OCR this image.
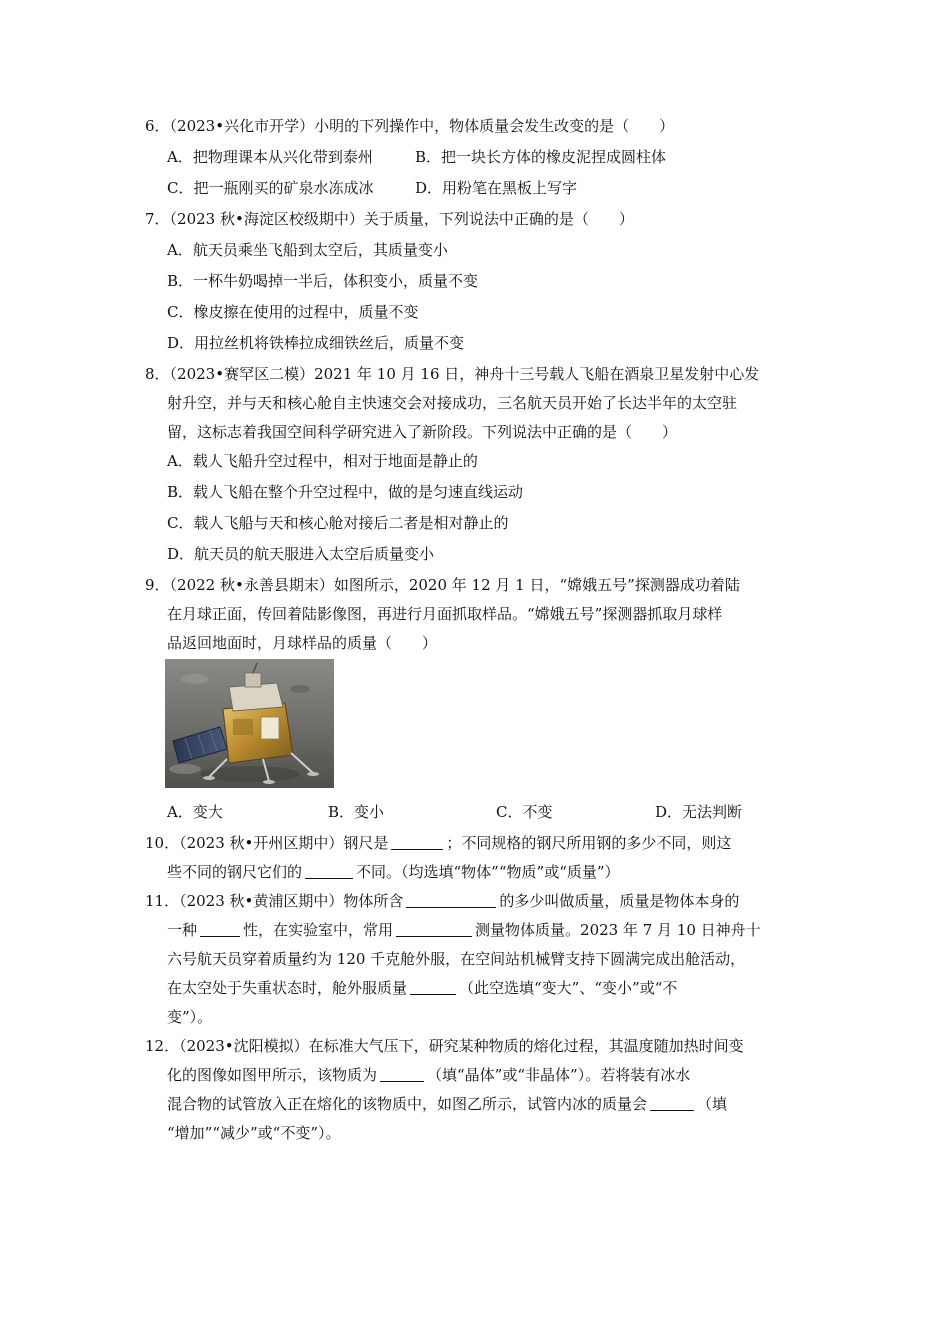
6．（2023•兴化市开学）小明的下列操作中，物体质量会发生改变的是（　　）
A．把物理课本从兴化带到泰州	B．把一块长方体的橡皮泥捏成圆柱体
C．把一瓶刚买的矿泉水冻成冰	D．用粉笔在黑板上写字
7．（2023 秋•海淀区校级期中）关于质量，下列说法中正确的是（　　）
A．航天员乘坐飞船到太空后，其质量变小
B．一杯牛奶喝掉一半后，体积变小，质量不变
C．橡皮擦在使用的过程中，质量不变
D．用拉丝机将铁棒拉成细铁丝后，质量不变
8．（2023•赛罕区二模）2021 年 10 月 16 日，神舟十三号载人飞船在酒泉卫星发射中心发
射升空，并与天和核心舱自主快速交会对接成功，三名航天员开始了长达半年的太空驻
留，这标志着我国空间科学研究进入了新阶段。下列说法中正确的是（　　）
A．载人飞船升空过程中，相对于地面是静止的
B．载人飞船在整个升空过程中，做的是匀速直线运动
C．载人飞船与天和核心舱对接后二者是相对静止的
D．航天员的航天服进入太空后质量变小
9．（2022 秋•永善县期末）如图所示，2020 年 12 月 1 日，“嫦娥五号”探测器成功着陆
在月球正面，传回着陆影像图，再进行月面抓取样品。“嫦娥五号”探测器抓取月球样
品返回地面时，月球样品的质量（　　）
A．变大	B．变小	C．不变	D．无法判断
10．（2023 秋•开州区期中）钢尺是	；不同规格的钢尺所用钢的多少不同，则这
些不同的钢尺它们的	不同。（均选填“物体”“物质”或“质量”）
11．（2023 秋•黄浦区期中）物体所含	的多少叫做质量，质量是物体本身的
一种	性，在实验室中，常用	测量物体质量。2023 年 7 月 10 日神舟十
六号航天员穿着质量约为 120 千克舱外服，在空间站机械臂支持下圆满完成出舱活动，
在太空处于失重状态时，舱外服质量	（此空选填“变大”、“变小”或“不
变”）。
12．（2023•沈阳模拟）在标准大气压下，研究某种物质的熔化过程，其温度随加热时间变
化的图像如图甲所示，该物质为	（填“晶体”或“非晶体”）。若将装有冰水
混合物的试管放入正在熔化的该物质中，如图乙所示，试管内冰的质量会	（填
“增加”“减少”或“不变”）。
